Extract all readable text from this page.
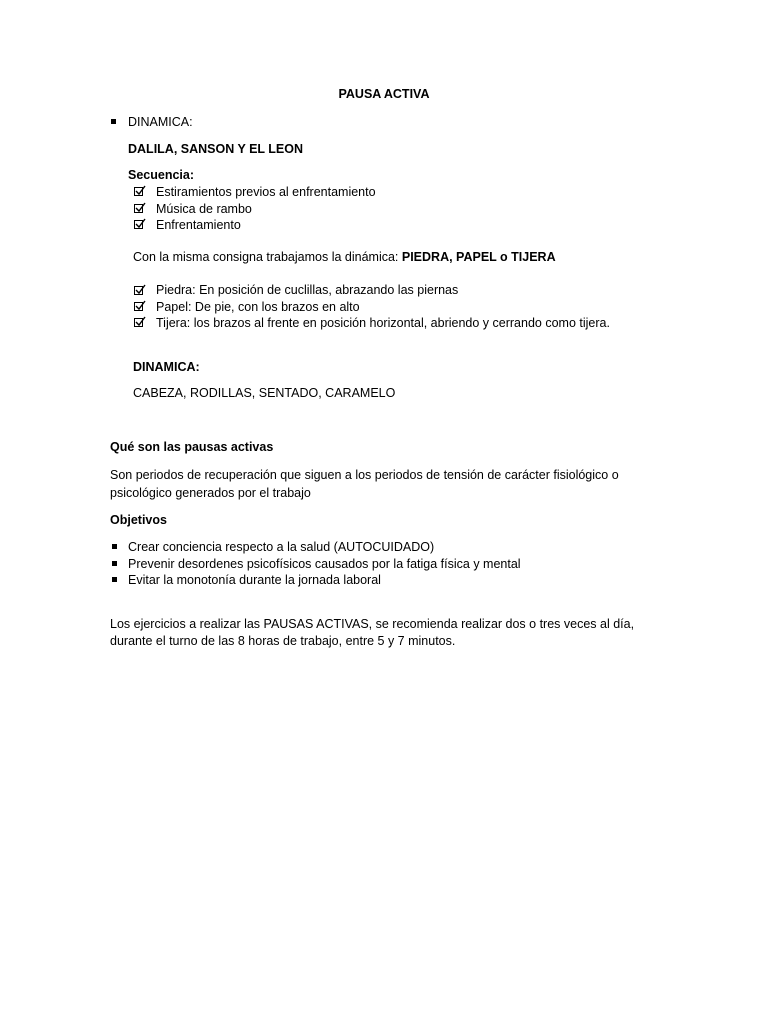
PAUSA ACTIVA
DINAMICA:
DALILA, SANSON Y EL LEON
Secuencia:
Estiramientos previos al enfrentamiento
Música de rambo
Enfrentamiento
Con la misma consigna trabajamos la dinámica: PIEDRA, PAPEL o TIJERA
Piedra: En posición de cuclillas, abrazando las piernas
Papel: De pie, con los brazos en alto
Tijera: los brazos al frente en posición horizontal, abriendo y cerrando como tijera.
DINAMICA:
CABEZA, RODILLAS, SENTADO, CARAMELO
Qué son las pausas activas
Son periodos de recuperación que siguen a los periodos de tensión de carácter fisiológico o
psicológico generados por el trabajo
Objetivos
Crear conciencia respecto a la salud (AUTOCUIDADO)
Prevenir desordenes psicofísicos causados por la fatiga física y mental
Evitar la monotonía durante la jornada laboral
Los ejercicios a realizar las PAUSAS ACTIVAS, se recomienda realizar dos o tres veces al día,
durante el turno de las 8 horas de trabajo, entre 5 y 7 minutos.
